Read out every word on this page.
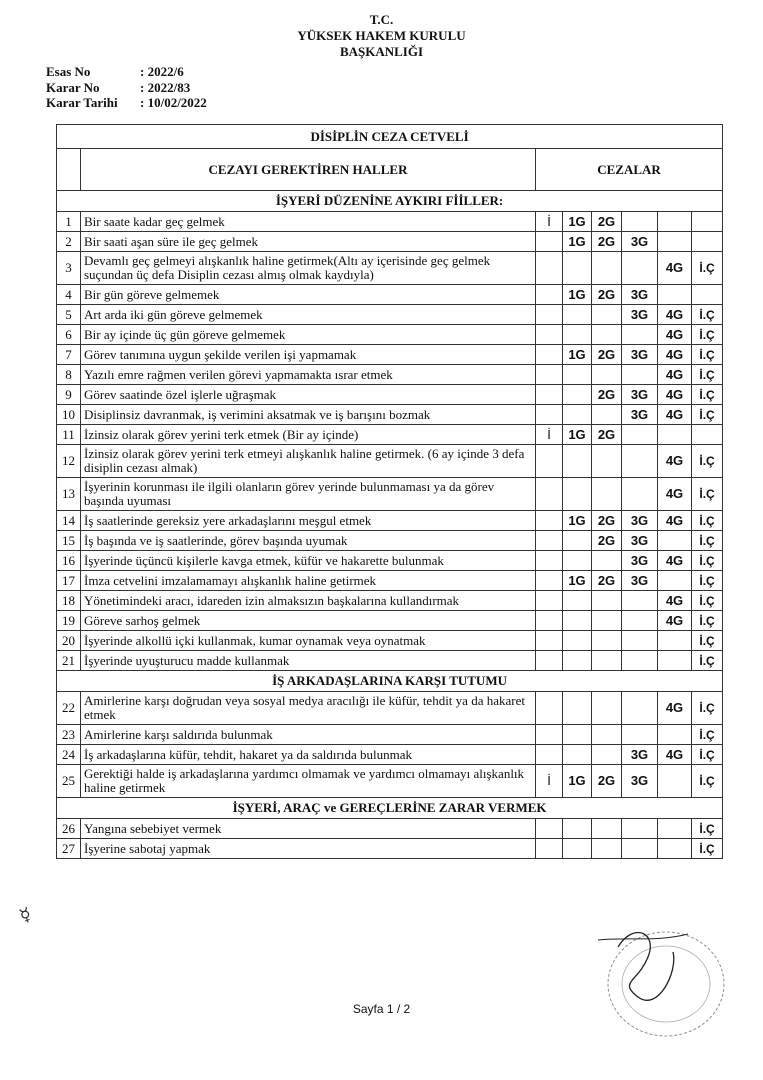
T.C.
YÜKSEK HAKEM KURULU
BAŞKANLIĞI
Esas No	: 2022/6
Karar No	: 2022/83
Karar Tarihi	: 10/02/2022
DİSİPLİN CEZA CETVELİ							
	CEZAYI GEREKTİREN HALLER	CEZALAR					
İŞYERİ DÜZENİNE AYKIRI FİİLLER:							
1	Bir saate kadar geç gelmek	İ	1G	2G			
2	Bir saati aşan süre ile geç gelmek		1G	2G	3G		
3	Devamlı geç gelmeyi alışkanlık haline getirmek(Altı ay içerisinde geç gelmek suçundan üç defa Disiplin cezası almış olmak kaydıyla)					4G	İ.Ç
4	Bir gün göreve gelmemek		1G	2G	3G		
5	Art arda iki gün göreve gelmemek				3G	4G	İ.Ç
6	Bir ay içinde üç gün göreve gelmemek					4G	İ.Ç
7	Görev tanımına uygun şekilde verilen işi yapmamak		1G	2G	3G	4G	İ.Ç
8	Yazılı emre rağmen verilen görevi yapmamakta ısrar etmek					4G	İ.Ç
9	Görev saatinde özel işlerle uğraşmak			2G	3G	4G	İ.Ç
10	Disiplinsiz davranmak, iş verimini aksatmak ve iş barışını bozmak				3G	4G	İ.Ç
11	İzinsiz olarak görev yerini terk etmek (Bir ay içinde)	İ	1G	2G			
12	İzinsiz olarak görev yerini terk etmeyi alışkanlık haline getirmek. (6 ay içinde 3 defa disiplin cezası almak)					4G	İ.Ç
13	İşyerinin korunması ile ilgili olanların görev yerinde bulunmaması ya da görev başında uyuması					4G	İ.Ç
14	İş saatlerinde gereksiz yere arkadaşlarını meşgul etmek		1G	2G	3G	4G	İ.Ç
15	İş başında ve iş saatlerinde, görev başında uyumak			2G	3G		İ.Ç
16	İşyerinde üçüncü kişilerle kavga etmek, küfür ve hakarette bulunmak				3G	4G	İ.Ç
17	İmza cetvelini imzalamamayı alışkanlık haline getirmek		1G	2G	3G		İ.Ç
18	Yönetimindeki aracı, idareden izin almaksızın başkalarına kullandırmak					4G	İ.Ç
19	Göreve sarhoş gelmek					4G	İ.Ç
20	İşyerinde alkollü içki kullanmak, kumar oynamak veya oynatmak						İ.Ç
21	İşyerinde uyuşturucu madde kullanmak						İ.Ç
İŞ ARKADAŞLARINA KARŞI TUTUMU							
22	Amirlerine karşı doğrudan veya sosyal medya aracılığı ile küfür, tehdit ya da hakaret etmek					4G	İ.Ç
23	Amirlerine karşı saldırıda bulunmak						İ.Ç
24	İş arkadaşlarına küfür, tehdit, hakaret ya da saldırıda bulunmak				3G	4G	İ.Ç
25	Gerektiği halde iş arkadaşlarına yardımcı olmamak ve yardımcı olmamayı alışkanlık haline getirmek	İ	1G	2G	3G		İ.Ç
İŞYERİ, ARAÇ ve GEREÇLERİNE ZARAR VERMEK							
26	Yangına sebebiyet vermek						İ.Ç
27	İşyerine sabotaj yapmak						İ.Ç
☿
Sayfa 1 / 2
